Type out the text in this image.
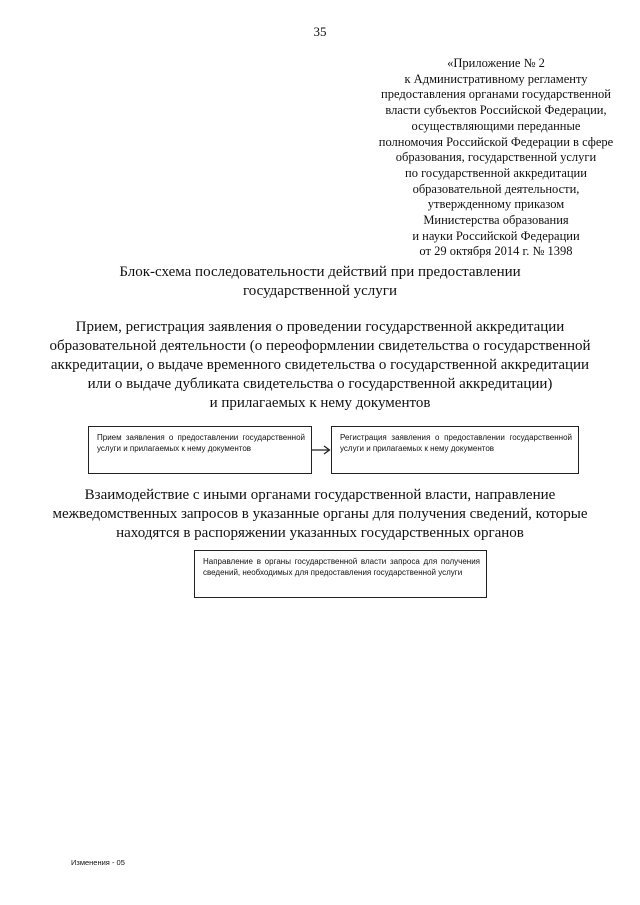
35
«Приложение № 2
к Административному регламенту
предоставления органами государственной
власти субъектов Российской Федерации,
осуществляющими переданные
полномочия Российской Федерации в сфере
образования, государственной услуги
по государственной аккредитации
образовательной деятельности,
утвержденному приказом
Министерства образования
и науки Российской Федерации
от 29 октября 2014 г. № 1398
Блок-схема последовательности действий при предоставлении
государственной услуги
Прием, регистрация заявления о проведении государственной аккредитации
образовательной деятельности (о переоформлении свидетельства о государственной
аккредитации, о выдаче временного свидетельства о государственной аккредитации
или о выдаче дубликата свидетельства о государственной аккредитации)
и прилагаемых к нему документов
Прием заявления о предоставлении государственной услуги и прилагаемых к нему документов
Регистрация заявления о предоставлении государственной услуги и прилагаемых к нему документов
Взаимодействие с иными органами государственной власти, направление
межведомственных запросов в указанные органы для получения сведений, которые
находятся в распоряжении указанных государственных органов
Направление в органы государственной власти запроса для получения сведений, необходимых для предоставления государственной услуги
Изменения - 05
